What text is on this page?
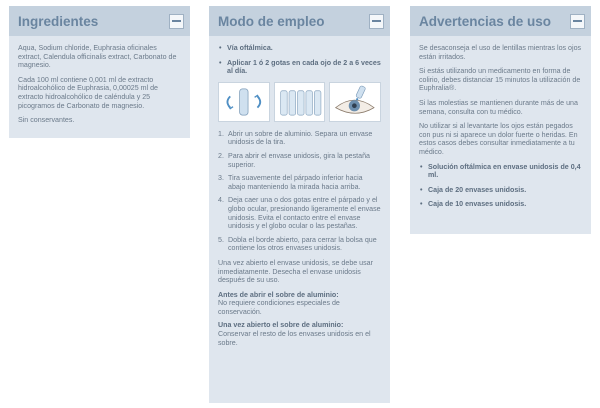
Ingredientes

Aqua, Sodium chloride, Euphrasia oficinales extract, Calendula officinalis extract, Carbonato de magnesio.

Cada 100 ml contiene 0,001 ml de extracto hidroalcohólico de Euphrasia, 0,00025 ml de extracto hidroalcohólico de caléndula y 25 picogramos de Carbonato de magnesio.

Sin conservantes.

Modo de empleo
• Vía oftálmica.
• Aplicar 1 ó 2 gotas en cada ojo de 2 a 6 veces al día.
1. Abrir un sobre de aluminio. Separa un envase unidosis de la tira.
2. Para abrir el envase unidosis, gira la pestaña superior.
3. Tira suavemente del párpado inferior hacia abajo manteniendo la mirada hacia arriba.
4. Deja caer una o dos gotas entre el párpado y el globo ocular, presionando ligeramente el envase unidosis. Evita el contacto entre el envase unidosis y el globo ocular o las pestañas.
5. Dobla el borde abierto, para cerrar la bolsa que contiene los otros envases unidosis.

Una vez abierto el envase unidosis, se debe usar inmediatamente. Desecha el envase unidosis después de su uso.

Antes de abrir el sobre de aluminio:
No requiere condiciones especiales de conservación.

Una vez abierto el sobre de aluminio:
Conservar el resto de los envases unidosis en el sobre.

Advertencias de uso

Se desaconseja el uso de lentillas mientras los ojos están irritados.

Si estás utilizando un medicamento en forma de colirio, debes distanciar 15 minutos la utilización de Euphralia®.

Si las molestias se mantienen durante más de una semana, consulta con tu médico.

No utilizar si al levantarte los ojos están pegados con pus ni si aparece un dolor fuerte o heridas. En estos casos debes consultar inmediatamente a tu médico.

• Solución oftálmica en envase unidosis de 0,4 ml.
• Caja de 20 envases unidosis.
• Caja de 10 envases unidosis.
